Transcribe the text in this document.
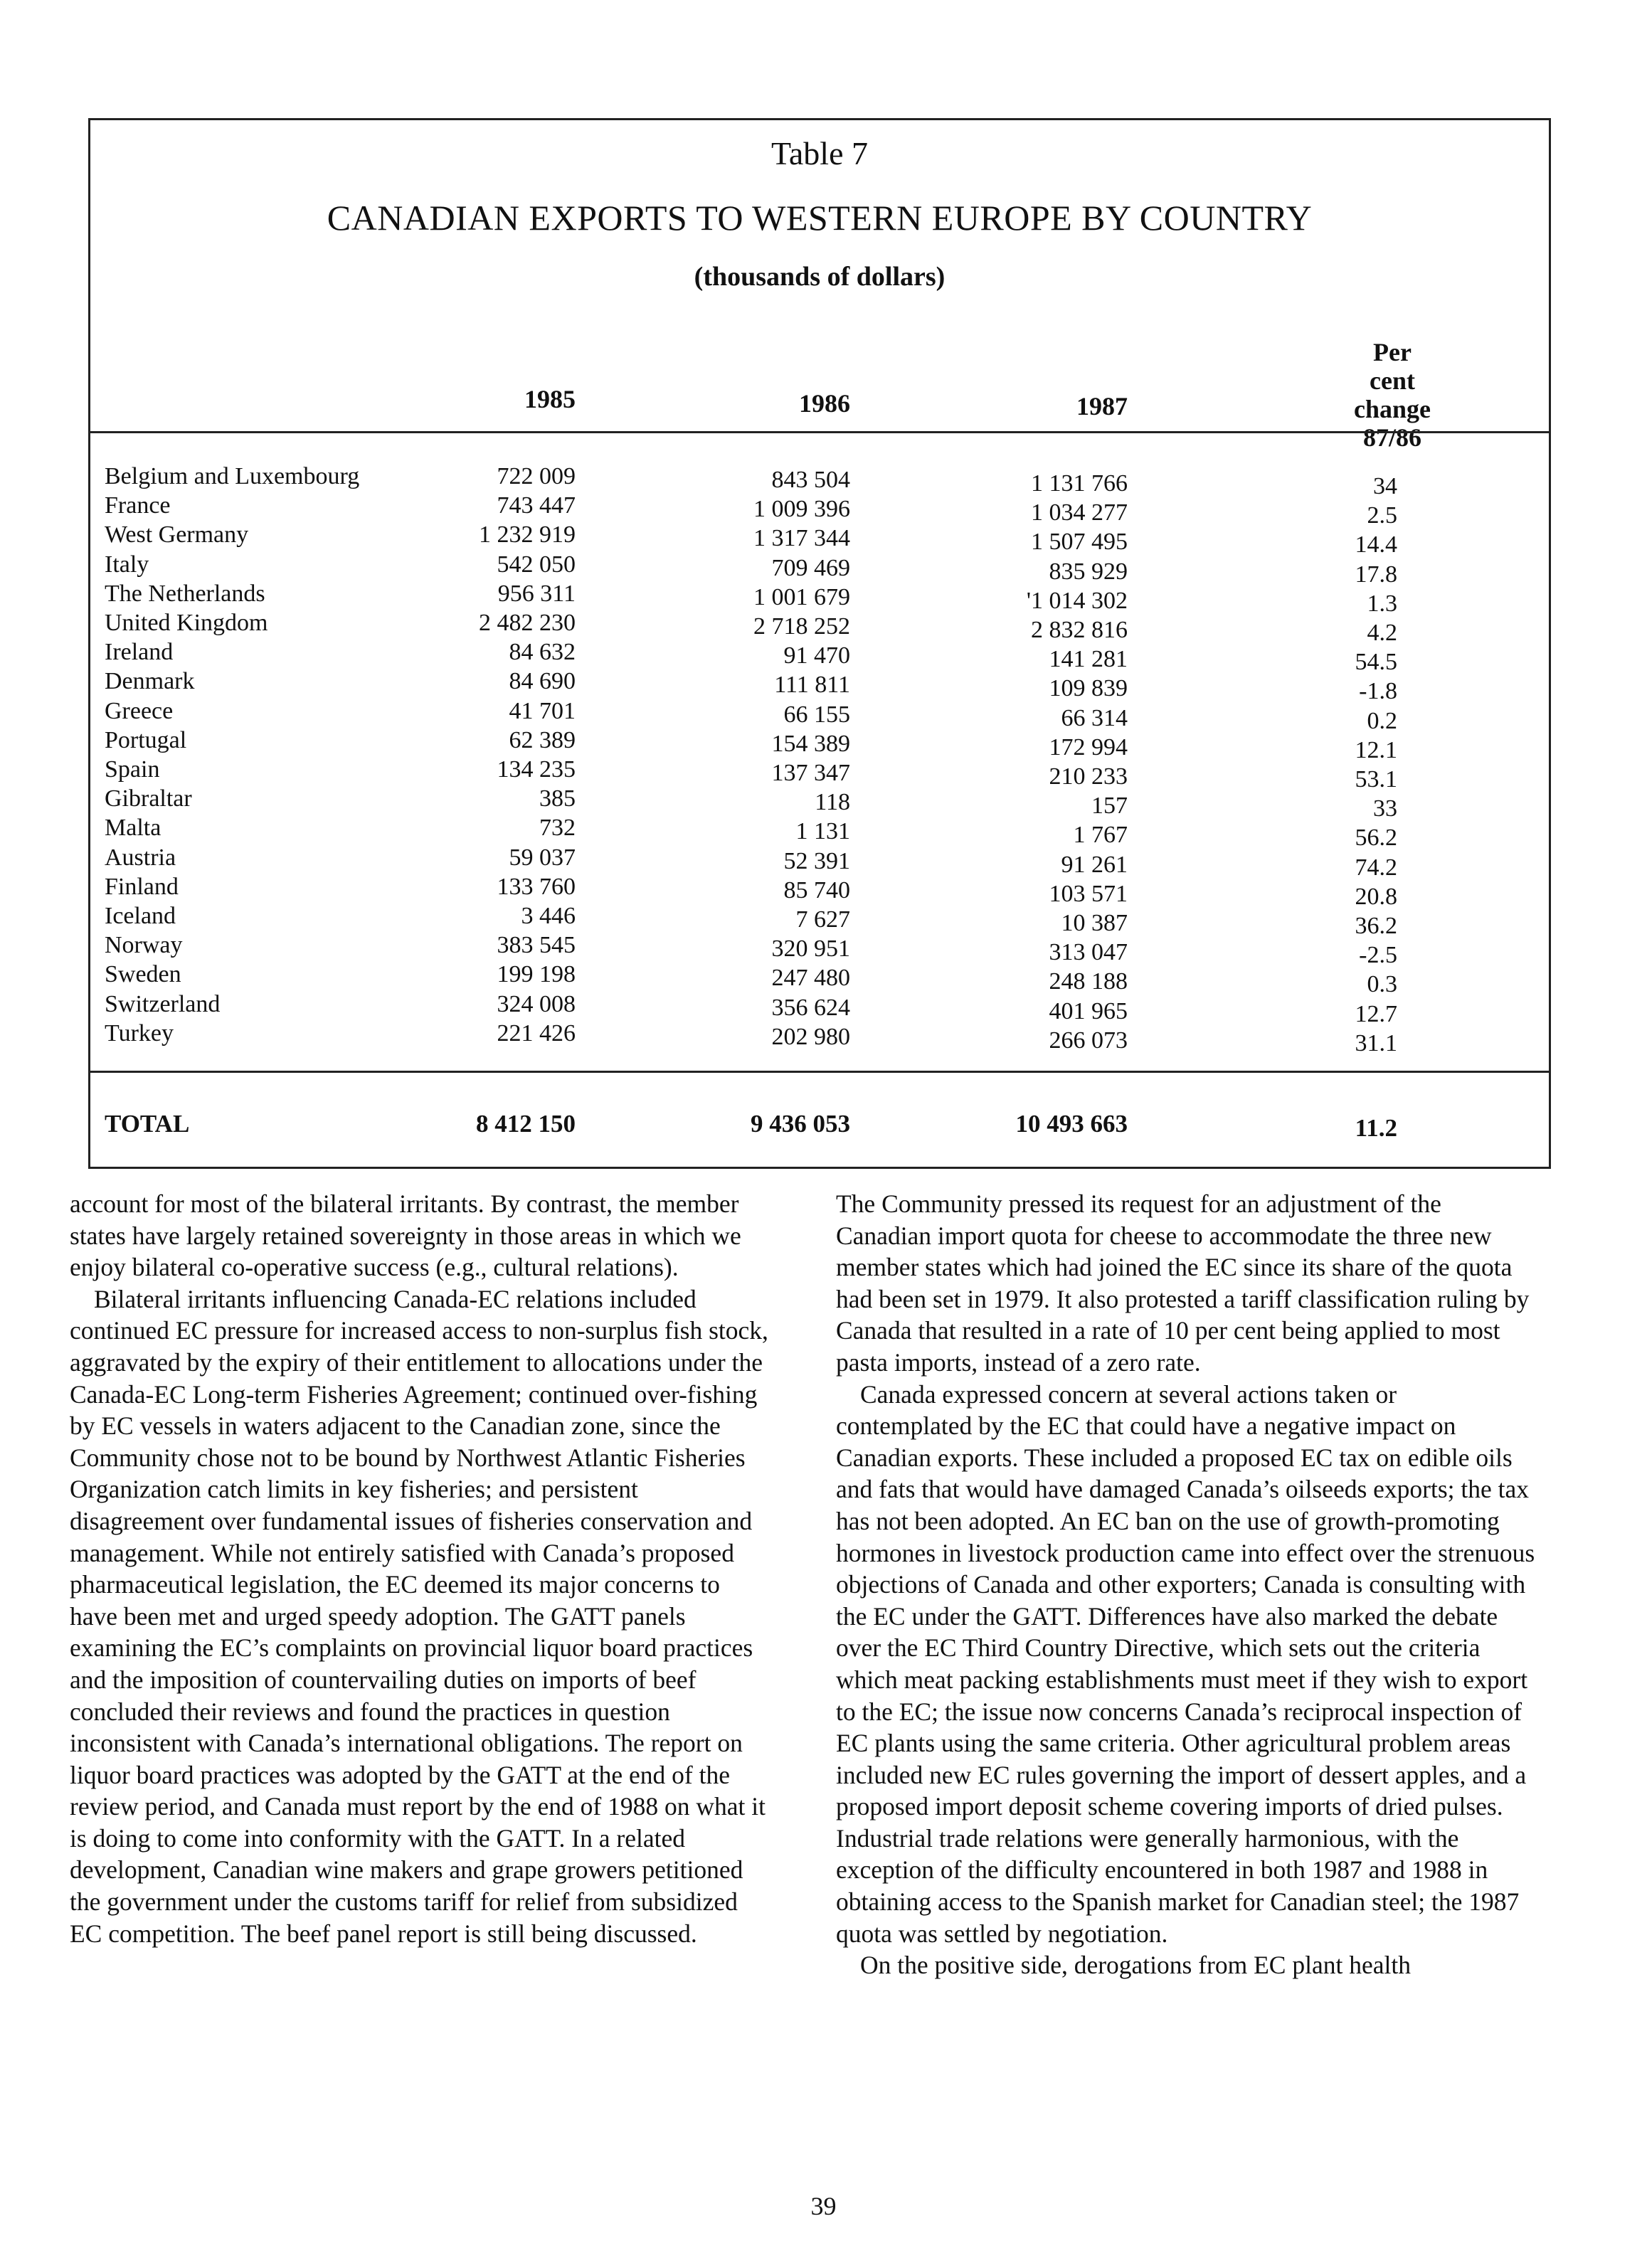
Table 7
CANADIAN EXPORTS TO WESTERN EUROPE BY COUNTRY
(thousands of dollars)
1985	1986	1987
Per cent
change
87/86
Belgium and Luxembourg	722 009	843 504	1 131 766	34
France	743 447	1 009 396	1 034 277	2.5
West Germany	1 232 919	1 317 344	1 507 495	14.4
Italy	542 050	709 469	835 929	17.8
The Netherlands	956 311	1 001 679	'1 014 302	1.3
United Kingdom	2 482 230	2 718 252	2 832 816	4.2
Ireland	84 632	91 470	141 281	54.5
Denmark	84 690	111 811	109 839	-1.8
Greece	41 701	66 155	66 314	0.2
Portugal	62 389	154 389	172 994	12.1
Spain	134 235	137 347	210 233	53.1
Gibraltar	385	118	157	33
Malta	732	1 131	1 767	56.2
Austria	59 037	52 391	91 261	74.2
Finland	133 760	85 740	103 571	20.8
Iceland	3 446	7 627	10 387	36.2
Norway	383 545	320 951	313 047	-2.5
Sweden	199 198	247 480	248 188	0.3
Switzerland	324 008	356 624	401 965	12.7
Turkey	221 426	202 980	266 073	31.1
TOTAL	8 412 150	9 436 053	10 493 663	11.2

account for most of the bilateral irritants. By contrast, the member states have largely retained sovereignty in those areas in which we enjoy bilateral co-operative success (e.g., cultural relations).

Bilateral irritants influencing Canada-EC relations included continued EC pressure for increased access to non-surplus fish stock, aggravated by the expiry of their entitlement to allocations under the Canada-EC Long-term Fisheries Agreement; continued over-fishing by EC vessels in waters adjacent to the Canadian zone, since the Community chose not to be bound by Northwest Atlantic Fisheries Organization catch limits in key fisheries; and persistent disagreement over fundamental issues of fisheries conservation and management. While not entirely satisfied with Canada’s proposed pharmaceutical legislation, the EC deemed its major concerns to have been met and urged speedy adoption. The GATT panels examining the EC’s complaints on provincial liquor board practices and the imposition of countervailing duties on imports of beef concluded their reviews and found the practices in question inconsistent with Canada’s international obligations. The report on liquor board practices was adopted by the GATT at the end of the review period, and Canada must report by the end of 1988 on what it is doing to come into conformity with the GATT. In a related development, Canadian wine makers and grape growers petitioned the government under the customs tariff for relief from subsidized EC competition. The beef panel report is still being discussed.

The Community pressed its request for an adjustment of the Canadian import quota for cheese to accommodate the three new member states which had joined the EC since its share of the quota had been set in 1979. It also protested a tariff classification ruling by Canada that resulted in a rate of 10 per cent being applied to most pasta imports, instead of a zero rate.

Canada expressed concern at several actions taken or contemplated by the EC that could have a negative impact on Canadian exports. These included a proposed EC tax on edible oils and fats that would have damaged Canada’s oilseeds exports; the tax has not been adopted. An EC ban on the use of growth-promoting hormones in livestock production came into effect over the strenuous objections of Canada and other exporters; Canada is consulting with the EC under the GATT. Differences have also marked the debate over the EC Third Country Directive, which sets out the criteria which meat packing establishments must meet if they wish to export to the EC; the issue now concerns Canada’s reciprocal inspection of EC plants using the same criteria. Other agricultural problem areas included new EC rules governing the import of dessert apples, and a proposed import deposit scheme covering imports of dried pulses. Industrial trade relations were generally harmonious, with the exception of the difficulty encountered in both 1987 and 1988 in obtaining access to the Spanish market for Canadian steel; the 1987 quota was settled by negotiation.

On the positive side, derogations from EC plant health

39
